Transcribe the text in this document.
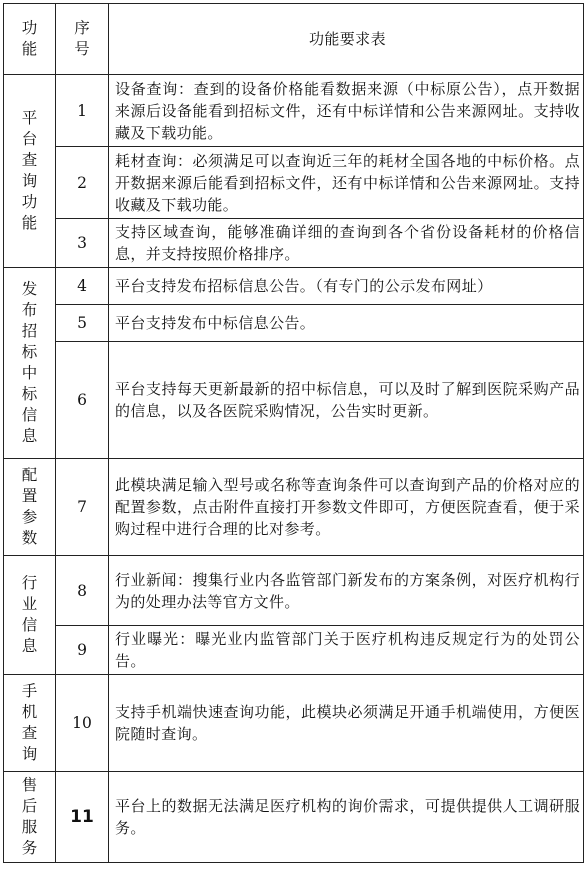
功能	序号	功能要求表

平台查询功能	1	设备查询：查到的设备价格能看数据来源（中标原公告），点开数据来源后设备能看到招标文件，还有中标详情和公告来源网址。支持收藏及下载功能。
	2	耗材查询：必须满足可以查询近三年的耗材全国各地的中标价格。点开数据来源后能看到招标文件，还有中标详情和公告来源网址。支持收藏及下载功能。
	3	支持区域查询，能够准确详细的查询到各个省份设备耗材的价格信息，并支持按照价格排序。

发布招标中标信息	4	平台支持发布招标信息公告。（有专门的公示发布网址）
	5	平台支持发布中标信息公告。
	6	平台支持每天更新最新的招中标信息，可以及时了解到医院采购产品的信息，以及各医院采购情况，公告实时更新。

配置参数	7	此模块满足输入型号或名称等查询条件可以查询到产品的价格对应的配置参数，点击附件直接打开参数文件即可，方便医院查看，便于采购过程中进行合理的比对参考。

行业信息	8	行业新闻：搜集行业内各监管部门新发布的方案条例，对医疗机构行为的处理办法等官方文件。
	9	行业曝光：曝光业内监管部门关于医疗机构违反规定行为的处罚公告。

手机查询	10	支持手机端快速查询功能，此模块必须满足开通手机端使用，方便医院随时查询。

售后服务	11	平台上的数据无法满足医疗机构的询价需求，可提供提供人工调研服务。
